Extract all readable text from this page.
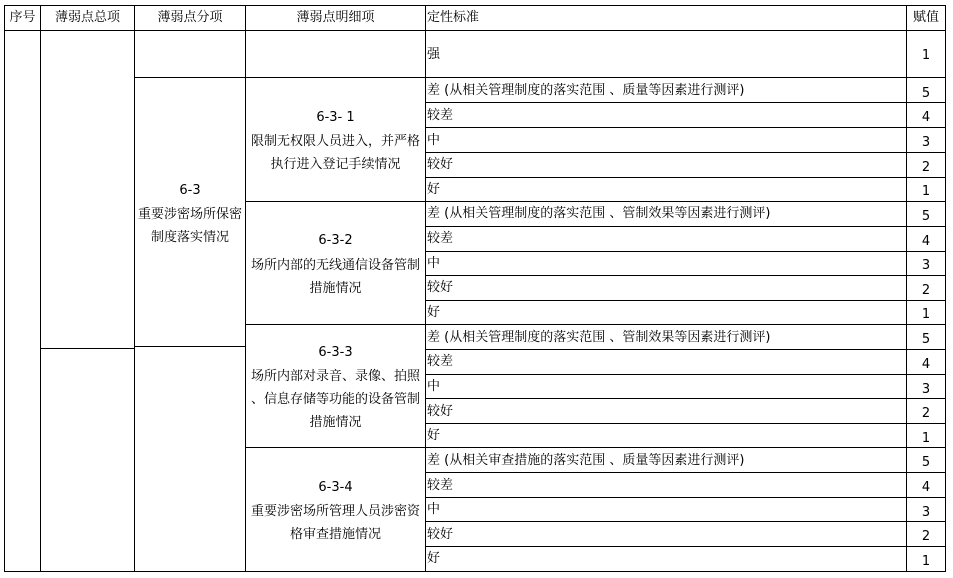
序号	薄弱点总项	薄弱点分项	薄弱点明细项	定性标准	赋值
强	1
6-3
重要涉密场所保密制度落实情况
6-3- 1
限制无权限人员进入，并严格执行进入登记手续情况
差 (从相关管理制度的落实范围 、质量等因素进行测评)	5
较差	4
中	3
较好	2
好	1
6-3-2
场所内部的无线通信设备管制措施情况
差 (从相关管理制度的落实范围 、管制效果等因素进行测评)	5
较差	4
中	3
较好	2
好	1
6-3-3
场所内部对录音、录像、拍照 、信息存储等功能的设备管制措施情况
差 (从相关管理制度的落实范围 、管制效果等因素进行测评)	5
较差	4
中	3
较好	2
好	1
6-3-4
重要涉密场所管理人员涉密资格审查措施情况
差 (从相关审查措施的落实范围 、质量等因素进行测评)	5
较差	4
中	3
较好	2
好	1
